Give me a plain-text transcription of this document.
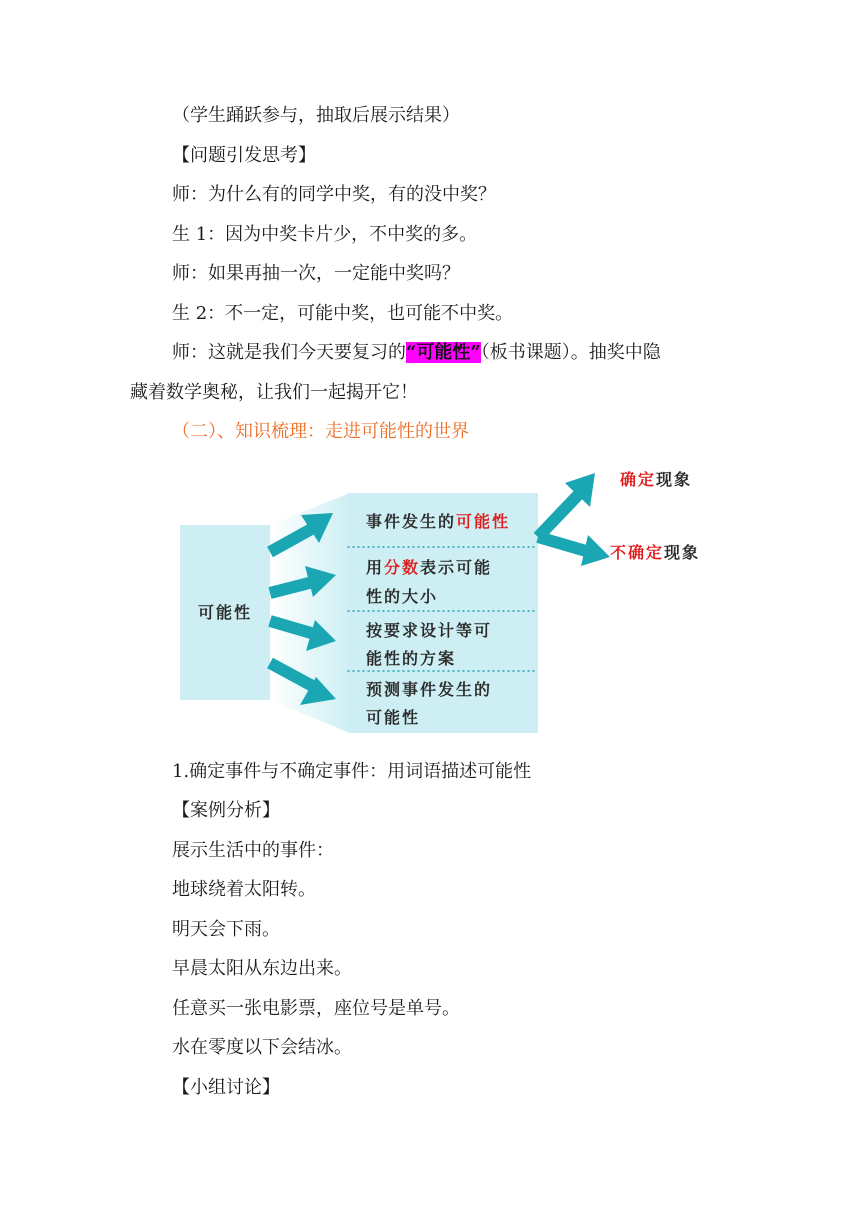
（学生踊跃参与，抽取后展示结果）
【问题引发思考】
师：为什么有的同学中奖，有的没中奖？
生 1：因为中奖卡片少，不中奖的多。
师：如果再抽一次，一定能中奖吗？
生 2：不一定，可能中奖，也可能不中奖。
师：这就是我们今天要复习的“可能性”（板书课题）。抽奖中隐
藏着数学奥秘，让我们一起揭开它！
（二）、知识梳理：走进可能性的世界
可能性
事件发生的可能性
用分数表示可能
性的大小
按要求设计等可
能性的方案
预测事件发生的
可能性
确定现象
不确定现象
1.确定事件与不确定事件：用词语描述可能性
【案例分析】
展示生活中的事件：
地球绕着太阳转。
明天会下雨。
早晨太阳从东边出来。
任意买一张电影票，座位号是单号。
水在零度以下会结冰。
【小组讨论】
